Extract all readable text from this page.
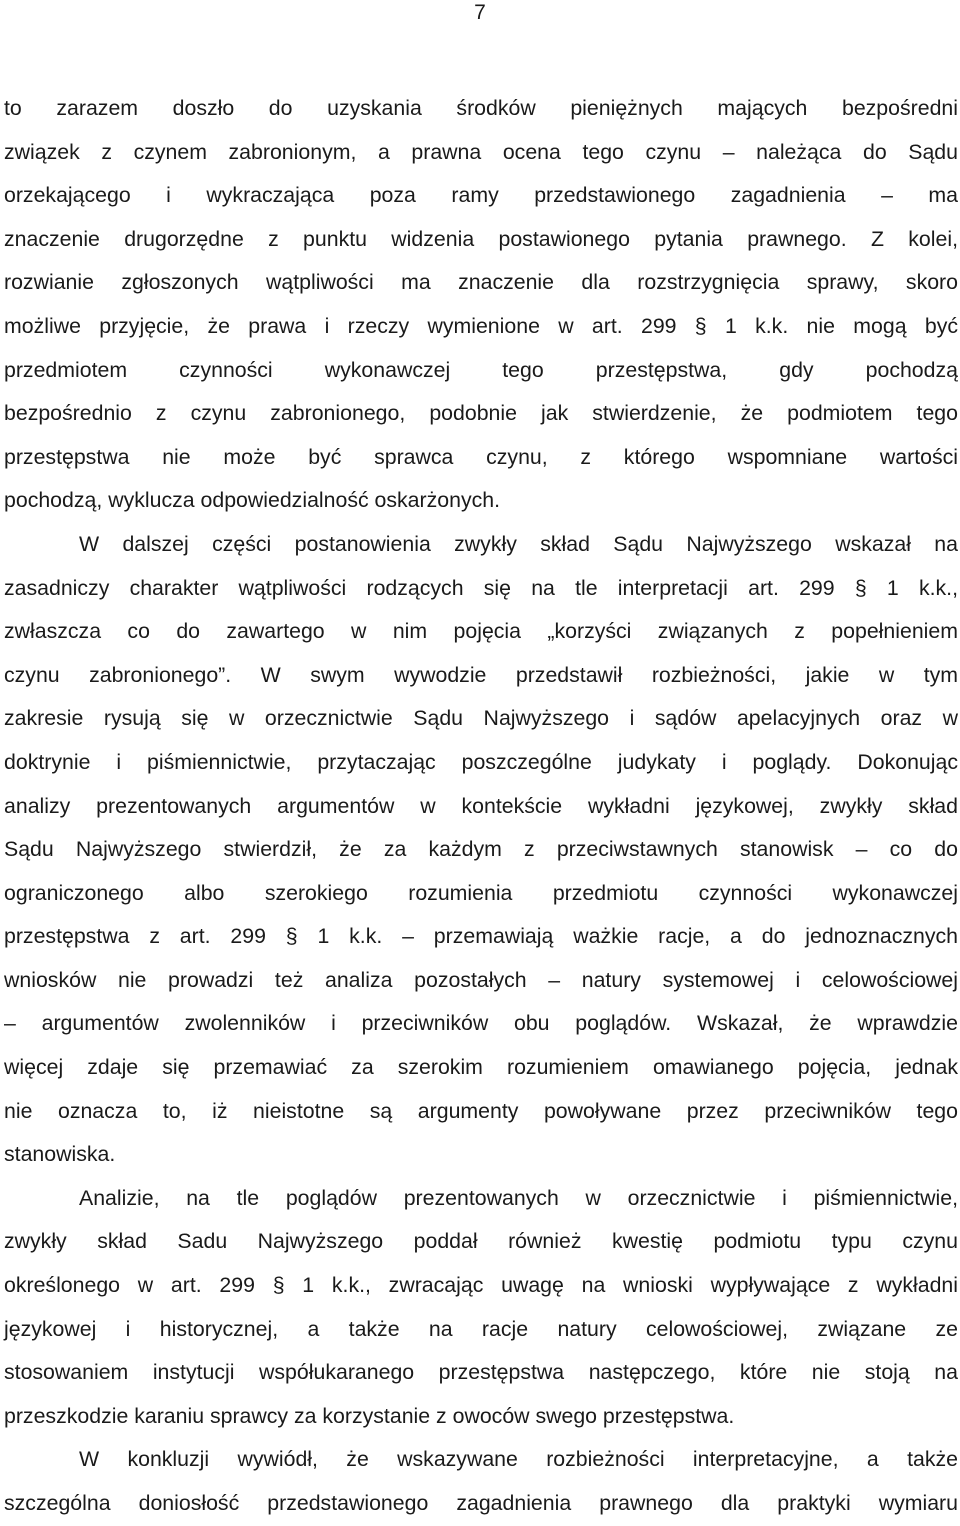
7
to zarazem doszło do uzyskania środków pieniężnych mających bezpośredni
związek z czynem zabronionym, a prawna ocena tego czynu – należąca do Sądu
orzekającego i wykraczająca poza ramy przedstawionego zagadnienia – ma
znaczenie drugorzędne z punktu widzenia postawionego pytania prawnego. Z kolei,
rozwianie zgłoszonych wątpliwości ma znaczenie dla rozstrzygnięcia sprawy, skoro
możliwe przyjęcie, że prawa i rzeczy wymienione w art. 299 § 1 k.k. nie mogą być
przedmiotem czynności wykonawczej tego przestępstwa, gdy pochodzą
bezpośrednio z czynu zabronionego, podobnie jak stwierdzenie, że podmiotem tego
przestępstwa nie może być sprawca czynu, z którego wspomniane wartości
pochodzą, wyklucza odpowiedzialność oskarżonych.
W dalszej części postanowienia zwykły skład Sądu Najwyższego wskazał na
zasadniczy charakter wątpliwości rodzących się na tle interpretacji art. 299 § 1 k.k.,
zwłaszcza co do zawartego w nim pojęcia „korzyści związanych z popełnieniem
czynu zabronionego”. W swym wywodzie przedstawił rozbieżności, jakie w tym
zakresie rysują się w orzecznictwie Sądu Najwyższego i sądów apelacyjnych oraz w
doktrynie i piśmiennictwie, przytaczając poszczególne judykaty i poglądy. Dokonując
analizy prezentowanych argumentów w kontekście wykładni językowej, zwykły skład
Sądu Najwyższego stwierdził, że za każdym z przeciwstawnych stanowisk – co do
ograniczonego albo szerokiego rozumienia przedmiotu czynności wykonawczej
przestępstwa z art. 299 § 1 k.k. – przemawiają ważkie racje, a do jednoznacznych
wniosków nie prowadzi też analiza pozostałych – natury systemowej i celowościowej
– argumentów zwolenników i przeciwników obu poglądów. Wskazał, że wprawdzie
więcej zdaje się przemawiać za szerokim rozumieniem omawianego pojęcia, jednak
nie oznacza to, iż nieistotne są argumenty powoływane przez przeciwników tego
stanowiska.
Analizie, na tle poglądów prezentowanych w orzecznictwie i piśmiennictwie,
zwykły skład Sadu Najwyższego poddał również kwestię podmiotu typu czynu
określonego w art. 299 § 1 k.k., zwracając uwagę na wnioski wypływające z wykładni
językowej i historycznej, a także na racje natury celowościowej, związane ze
stosowaniem instytucji współukaranego przestępstwa następczego, które nie stoją na
przeszkodzie karaniu sprawcy za korzystanie z owoców swego przestępstwa.
W konkluzji wywiódł, że wskazywane rozbieżności interpretacyjne, a także
szczególna doniosłość przedstawionego zagadnienia prawnego dla praktyki wymiaru
